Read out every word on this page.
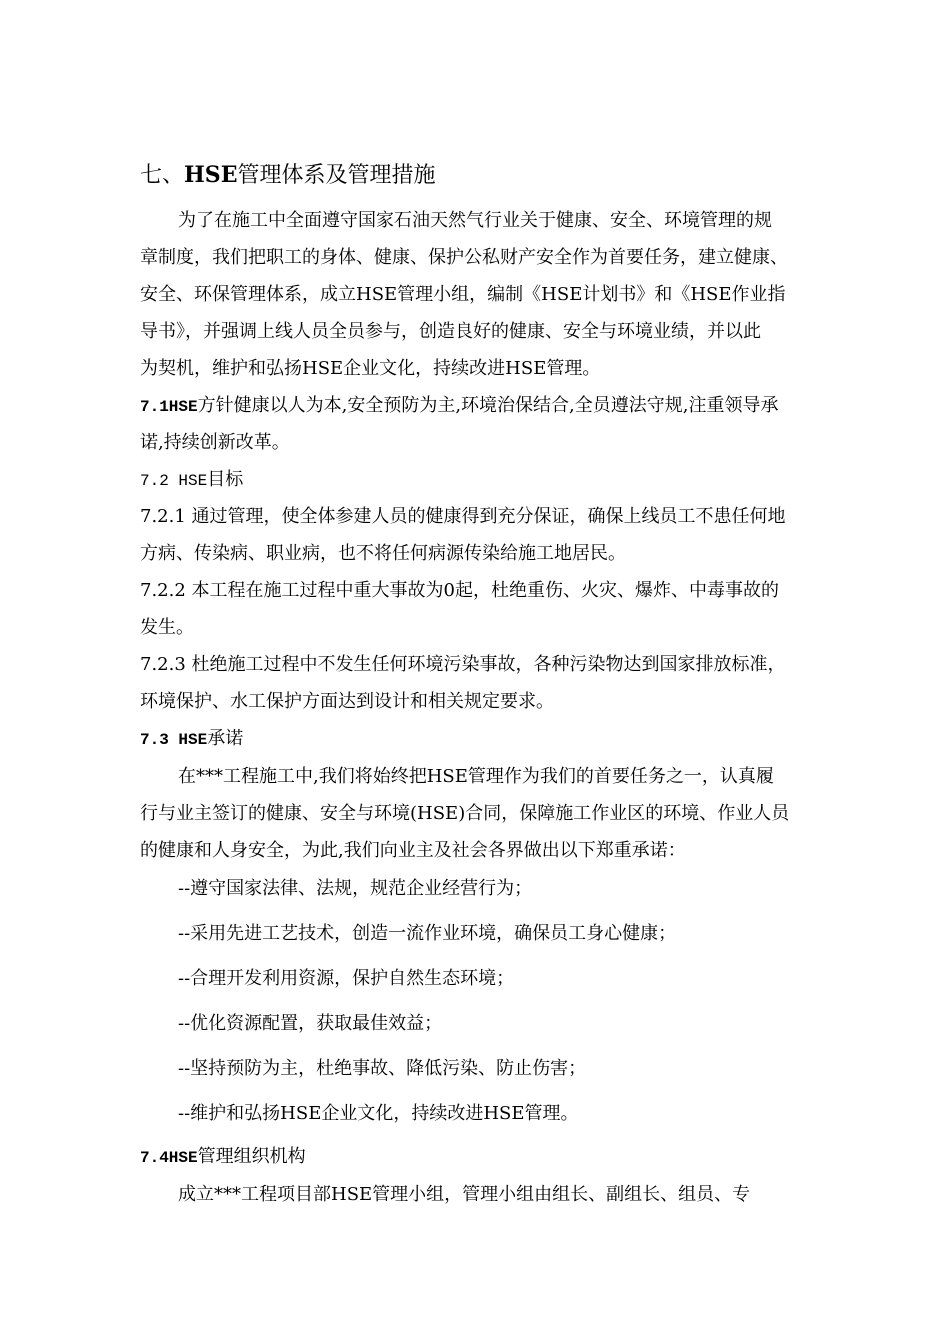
七、HSE管理体系及管理措施
为了在施工中全面遵守国家石油天然气行业关于健康、安全、环境管理的规
章制度，我们把职工的身体、健康、保护公私财产安全作为首要任务，建立健康、
安全、环保管理体系，成立HSE管理小组，编制《HSE计划书》和《HSE作业指
导书》，并强调上线人员全员参与，创造良好的健康、安全与环境业绩，并以此
为契机，维护和弘扬HSE企业文化，持续改进HSE管理。
7.1HSE方针健康以人为本,安全预防为主,环境治保结合,全员遵法守规,注重领导承
诺,持续创新改革。
7.2 HSE目标
7.2.1 通过管理，使全体参建人员的健康得到充分保证，确保上线员工不患任何地
方病、传染病、职业病，也不将任何病源传染给施工地居民。
7.2.2 本工程在施工过程中重大事故为0起，杜绝重伤、火灾、爆炸、中毒事故的
发生。
7.2.3 杜绝施工过程中不发生任何环境污染事故，各种污染物达到国家排放标准，
环境保护、水工保护方面达到设计和相关规定要求。
7.3 HSE承诺
在***工程施工中,我们将始终把HSE管理作为我们的首要任务之一，认真履
行与业主签订的健康、安全与环境(HSE)合同，保障施工作业区的环境、作业人员
的健康和人身安全，为此,我们向业主及社会各界做出以下郑重承诺：
--遵守国家法律、法规，规范企业经营行为；
--采用先进工艺技术，创造一流作业环境，确保员工身心健康；
--合理开发利用资源，保护自然生态环境；
--优化资源配置，获取最佳效益；
--坚持预防为主，杜绝事故、降低污染、防止伤害；
--维护和弘扬HSE企业文化，持续改进HSE管理。
7.4HSE管理组织机构
成立***工程项目部HSE管理小组，管理小组由组长、副组长、组员、专
